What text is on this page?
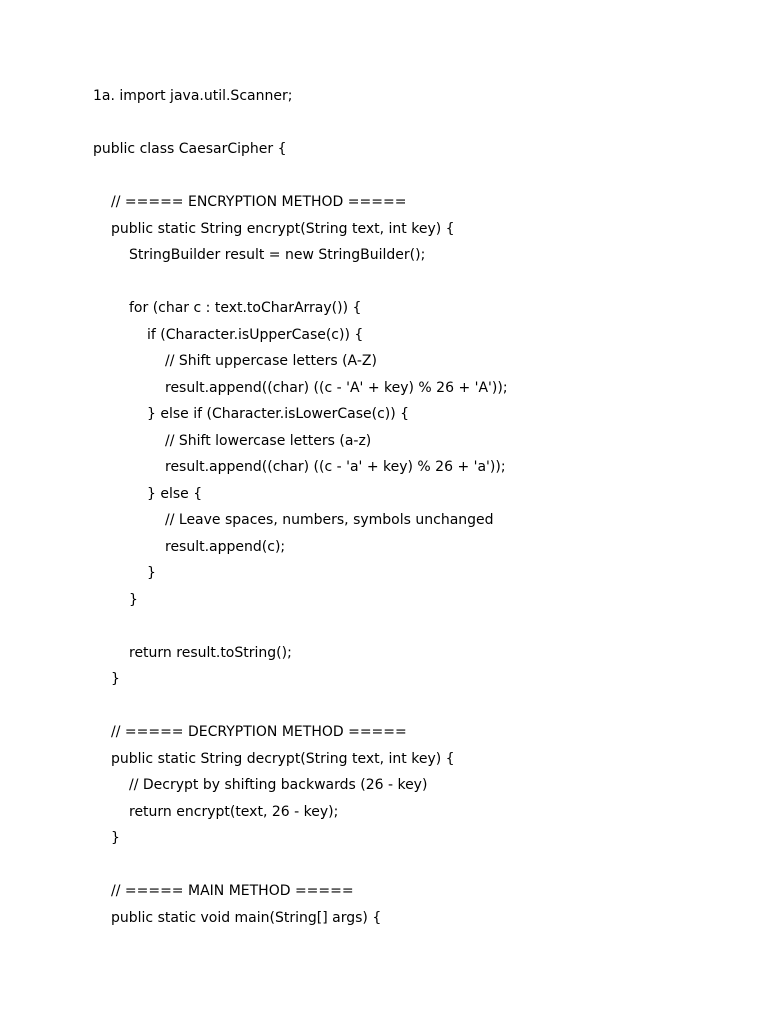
1a. import java.util.Scanner;
public class CaesarCipher {
// ===== ENCRYPTION METHOD =====
public static String encrypt(String text, int key) {
StringBuilder result = new StringBuilder();
for (char c : text.toCharArray()) {
if (Character.isUpperCase(c)) {
// Shift uppercase letters (A-Z)
result.append((char) ((c - 'A' + key) % 26 + 'A'));
} else if (Character.isLowerCase(c)) {
// Shift lowercase letters (a-z)
result.append((char) ((c - 'a' + key) % 26 + 'a'));
} else {
// Leave spaces, numbers, symbols unchanged
result.append(c);
}
}
return result.toString();
}
// ===== DECRYPTION METHOD =====
public static String decrypt(String text, int key) {
// Decrypt by shifting backwards (26 - key)
return encrypt(text, 26 - key);
}
// ===== MAIN METHOD =====
public static void main(String[] args) {
